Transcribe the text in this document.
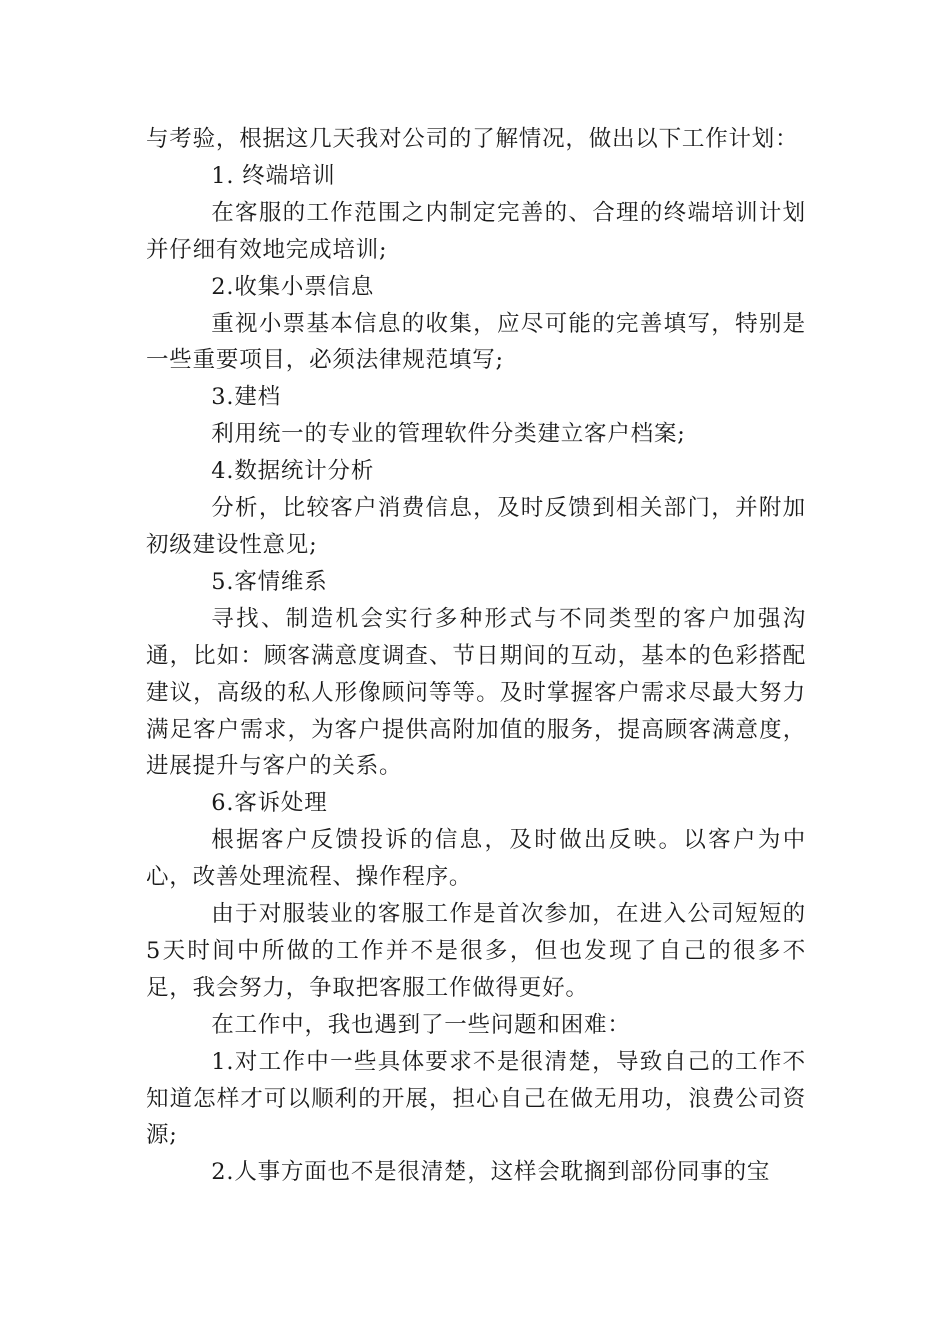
与考验，根据这几天我对公司的了解情况，做出以下工作计划：

1. 终端培训

在客服的工作范围之内制定完善的、合理的终端培训计划并仔细有效地完成培训;

2.收集小票信息

重视小票基本信息的收集，应尽可能的完善填写，特别是一些重要项目，必须法律规范填写;

3.建档

利用统一的专业的管理软件分类建立客户档案;

4.数据统计分析

分析，比较客户消费信息，及时反馈到相关部门，并附加初级建设性意见;

5.客情维系

寻找、制造机会实行多种形式与不同类型的客户加强沟通，比如：顾客满意度调查、节日期间的互动，基本的色彩搭配建议，高级的私人形像顾问等等。及时掌握客户需求尽最大努力满足客户需求，为客户提供高附加值的服务，提高顾客满意度，进展提升与客户的关系。

6.客诉处理

根据客户反馈投诉的信息，及时做出反映。以客户为中心，改善处理流程、操作程序。

由于对服装业的客服工作是首次参加，在进入公司短短的5天时间中所做的工作并不是很多，但也发现了自己的很多不足，我会努力，争取把客服工作做得更好。

在工作中，我也遇到了一些问题和困难：

1.对工作中一些具体要求不是很清楚，导致自己的工作不知道怎样才可以顺利的开展，担心自己在做无用功，浪费公司资源;

2.人事方面也不是很清楚，这样会耽搁到部份同事的宝
